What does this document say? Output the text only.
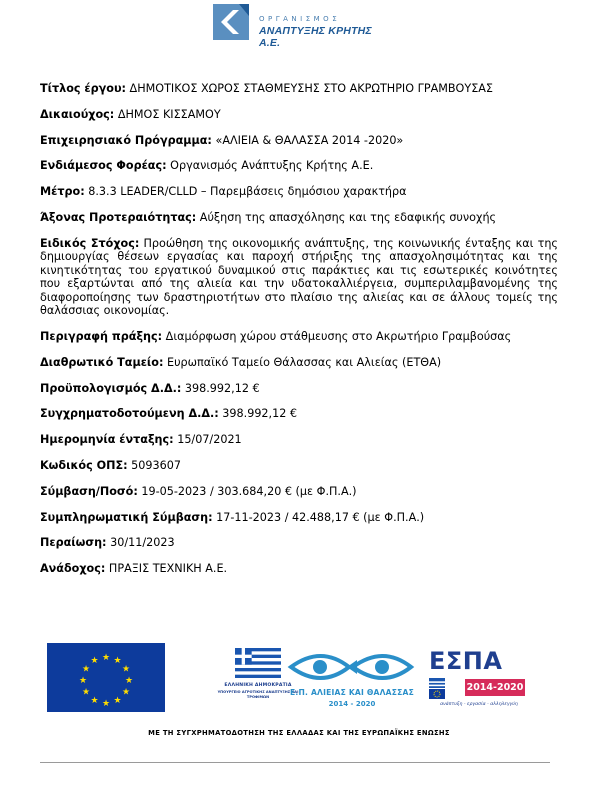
ΟΡΓΑΝΙΣΜΟΣ
ΑΝΑΠΤΥΞΗΣ ΚΡΗΤΗΣ Α.Ε.
Τίτλος έργου: ΔΗΜΟΤΙΚΟΣ ΧΩΡΟΣ ΣΤΑΘΜΕΥΣΗΣ ΣΤΟ ΑΚΡΩΤΗΡΙΟ ΓΡΑΜΒΟΥΣΑΣ
Δικαιούχος: ΔΗΜΟΣ ΚΙΣΣΑΜΟΥ
Επιχειρησιακό Πρόγραμμα: «ΑΛΙΕΙΑ & ΘΑΛΑΣΣΑ 2014 -2020»
Ενδιάμεσος Φορέας: Οργανισμός Ανάπτυξης Κρήτης Α.Ε.
Μέτρο: 8.3.3 LEADER/CLLD – Παρεμβάσεις δημόσιου χαρακτήρα
Άξονας Προτεραιότητας: Αύξηση της απασχόλησης και της εδαφικής συνοχής
Ειδικός Στόχος: Προώθηση της οικονομικής ανάπτυξης, της κοινωνικής ένταξης και της δημιουργίας θέσεων εργασίας και παροχή στήριξης της απασχολησιμότητας και της κινητικότητας του εργατικού δυναμικού στις παράκτιες και τις εσωτερικές κοινότητες που εξαρτώνται από της αλιεία και την υδατοκαλλιέργεια, συμπεριλαμβανομένης της διαφοροποίησης των δραστηριοτήτων στο πλαίσιο της αλιείας και σε άλλους τομείς της θαλάσσιας οικονομίας.
Περιγραφή πράξης: Διαμόρφωση χώρου στάθμευσης στο Ακρωτήριο Γραμβούσας
Διαθρωτικό Ταμείο: Ευρωπαϊκό Ταμείο Θάλασσας και Αλιείας (ΕΤΘΑ)
Προϋπολογισμός Δ.Δ.: 398.992,12 €
Συγχρηματοδοτούμενη Δ.Δ.: 398.992,12 €
Ημερομηνία ένταξης: 15/07/2021
Κωδικός ΟΠΣ: 5093607
Σύμβαση/Ποσό: 19-05-2023 / 303.684,20 € (με Φ.Π.Α.)
Συμπληρωματική Σύμβαση: 17-11-2023 / 42.488,17 € (με Φ.Π.Α.)
Περαίωση: 30/11/2023
Ανάδοχος: ΠΡΑΞΙΣ ΤΕΧΝΙΚΗ Α.Ε.
★ ★
★
★
★
★
★
★
★
★
★
★
ΕΛΛΗΝΙΚΗ ΔΗΜΟΚΡΑΤΙΑ
ΥΠΟΥΡΓΕΙΟ ΑΓΡΟΤΙΚΗΣ ΑΝΑΠΤΥΞΗΣ ΚΑΙ ΤΡΟΦΙΜΩΝ	Ε.Π. ΑΛΙΕΙΑΣ ΚΑΙ ΘΑΛΑΣΣΑΣ
2014 - 2020
ΕΣΠΑ
2014-2020
ανάπτυξη - εργασία - αλληλεγγύη
ΜΕ ΤΗ ΣΥΓΧΡΗΜΑΤΟΔΟΤΗΣΗ ΤΗΣ ΕΛΛΑΔΑΣ ΚΑΙ ΤΗΣ ΕΥΡΩΠΑΪΚΗΣ ΕΝΩΣΗΣ
